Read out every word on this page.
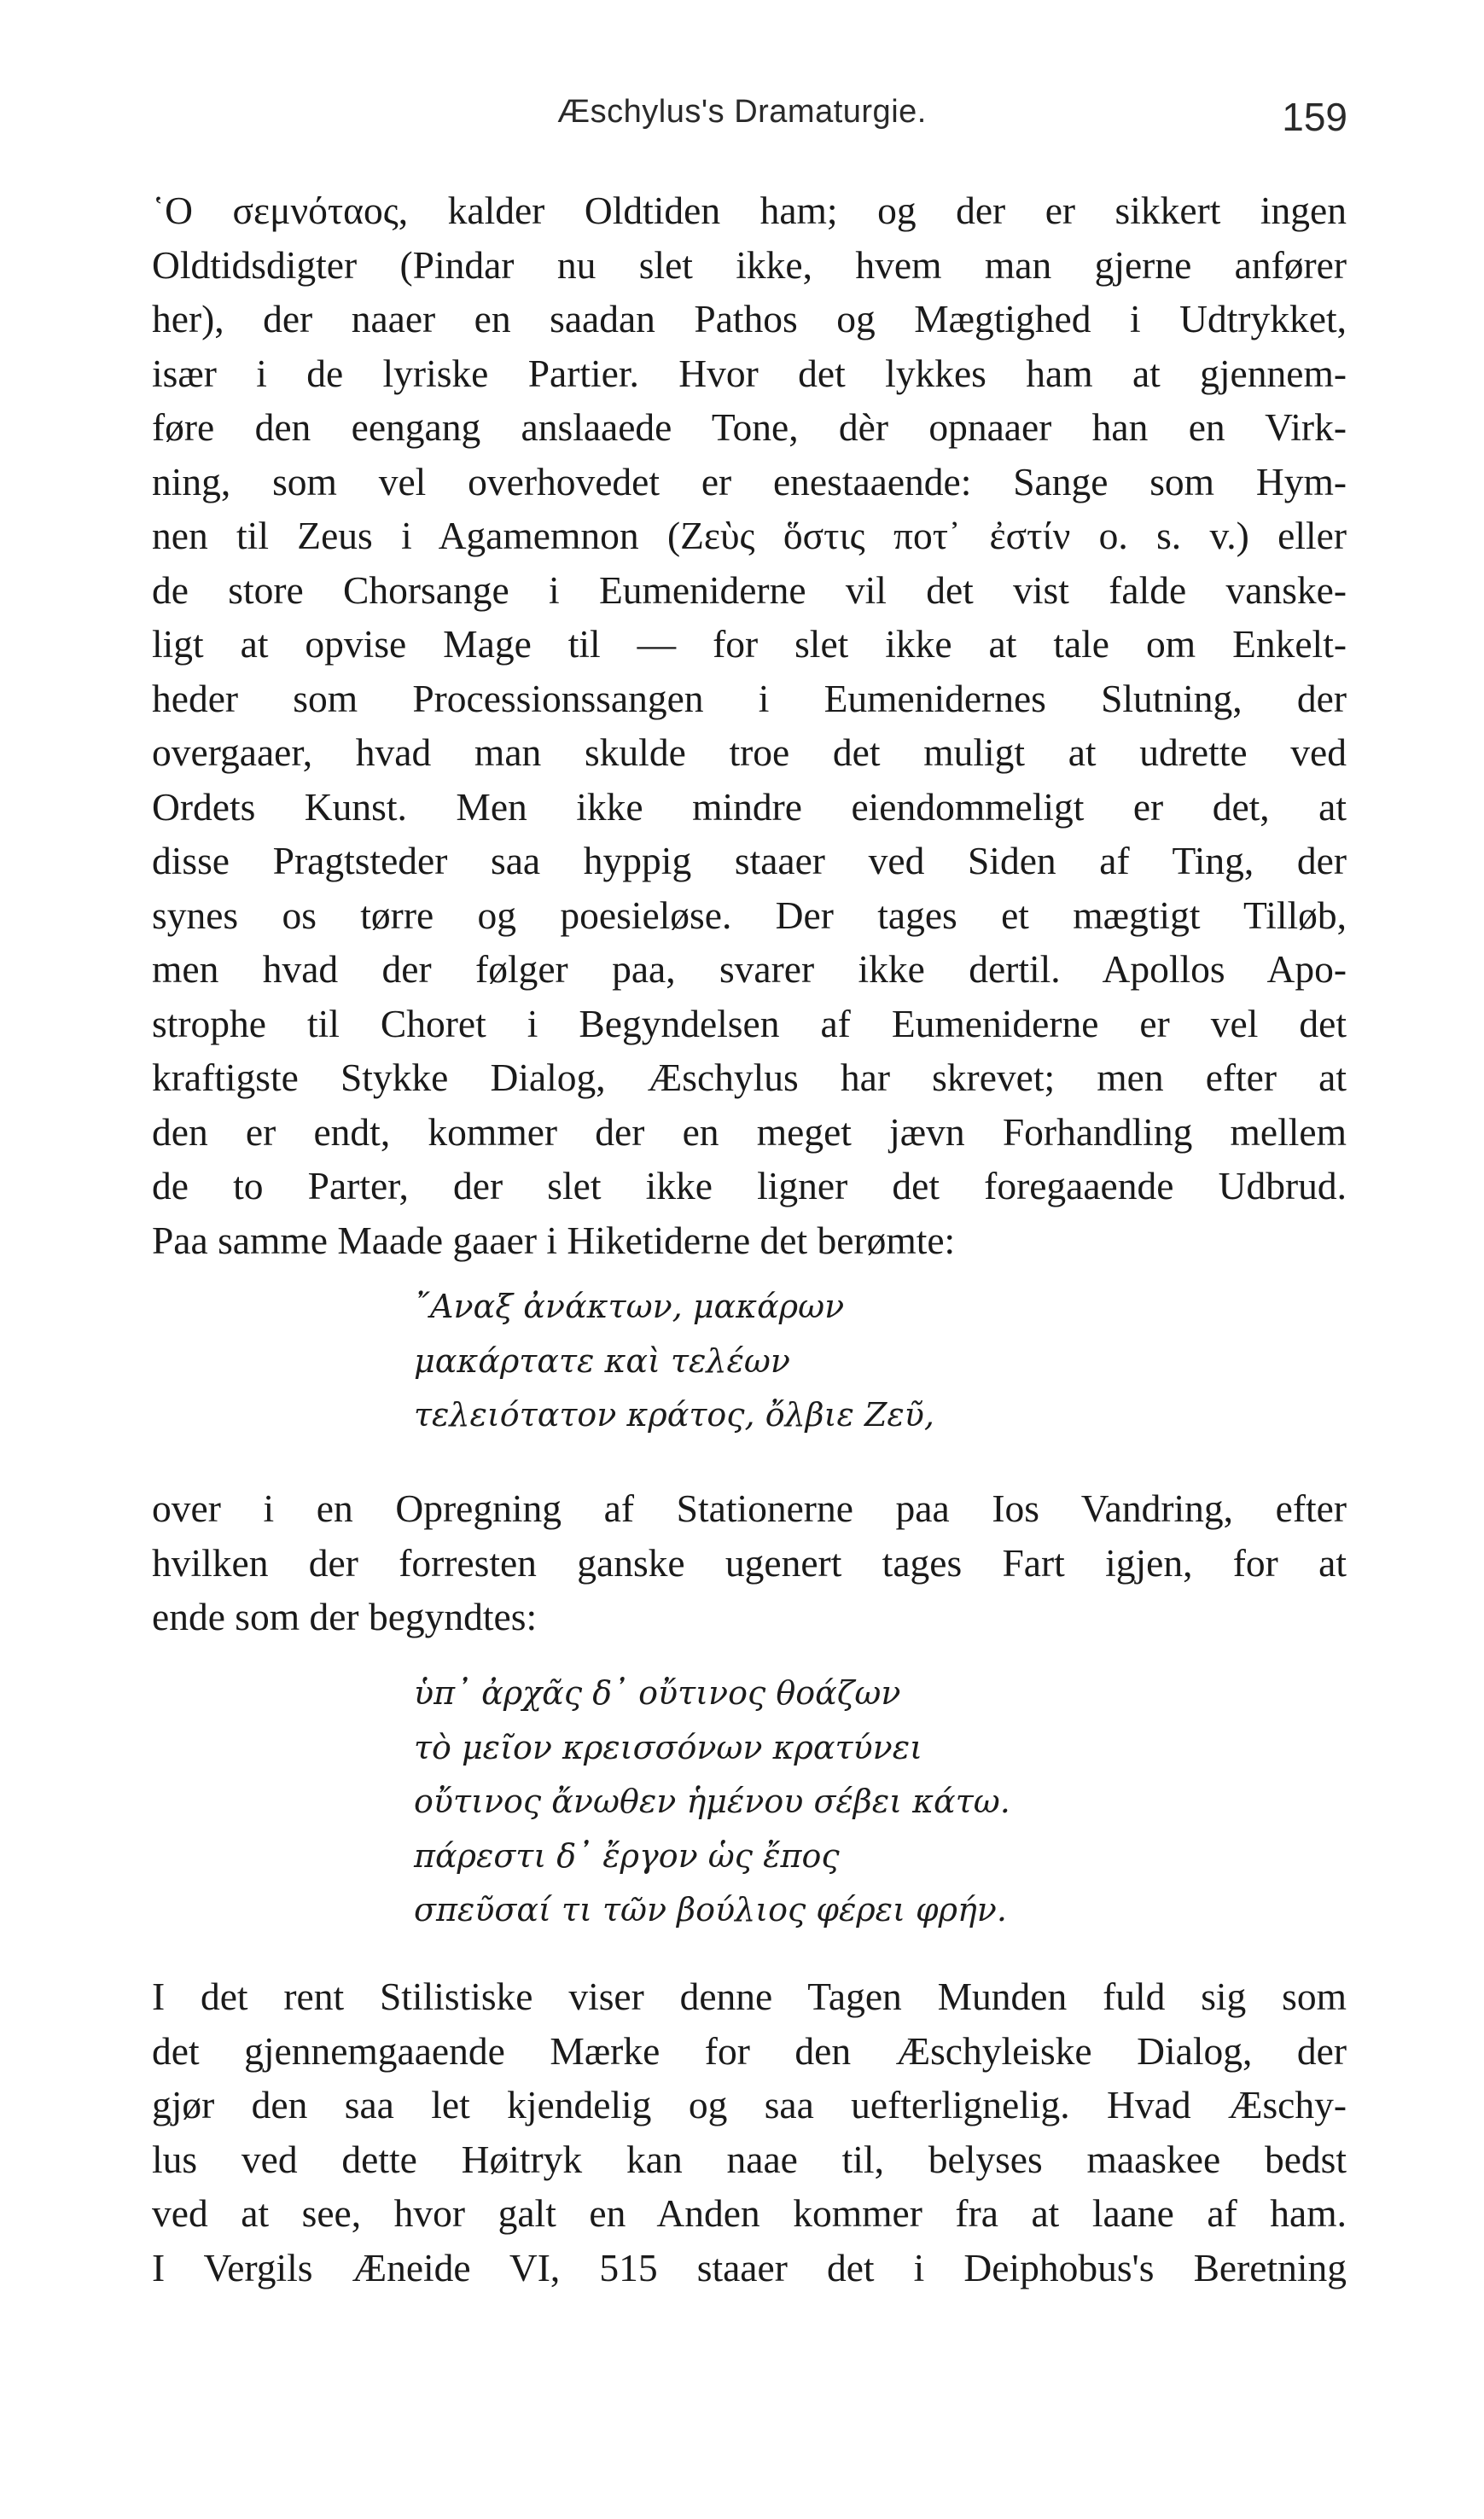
Æschylus's Dramaturgie.	159
῾Ο σεμνόταος, kalder Oldtiden ham; og der er sikkert ingen
Oldtidsdigter (Pindar nu slet ikke, hvem man gjerne anfører
her), der naaer en saadan Pathos og Mægtighed i Udtrykket,
især i de lyriske Partier. Hvor det lykkes ham at gjennem-
føre den eengang anslaaede Tone, dèr opnaaer han en Virk-
ning, som vel overhovedet er enestaaende: Sange som Hym-
nen til Zeus i Agamemnon (Ζεὺς ὅστις ποτ᾽ ἐστίν o. s. v.) eller
de store Chorsange i Eumeniderne vil det vist falde vanske-
ligt at opvise Mage til — for slet ikke at tale om Enkelt-
heder som Processionssangen i Eumenidernes Slutning, der
overgaaer, hvad man skulde troe det muligt at udrette ved
Ordets Kunst. Men ikke mindre eiendommeligt er det, at
disse Pragtsteder saa hyppig staaer ved Siden af Ting, der
synes os tørre og poesieløse. Der tages et mægtigt Tilløb,
men hvad der følger paa, svarer ikke dertil. Apollos Apo-
strophe til Choret i Begyndelsen af Eumeniderne er vel det
kraftigste Stykke Dialog, Æschylus har skrevet; men efter at
den er endt, kommer der en meget jævn Forhandling mellem
de to Parter, der slet ikke ligner det foregaaende Udbrud.
Paa samme Maade gaaer i Hiketiderne det berømte:
῎Αναξ ἀνάκτων, μακάρων
μακάρτατε καὶ τελέων
τελειότατον κράτος, ὄλβιε Ζεῦ,
over i en Opregning af Stationerne paa Ios Vandring, efter
hvilken der forresten ganske ugenert tages Fart igjen, for at
ende som der begyndtes:
ὑπ᾽ ἀρχᾶς δ᾽ οὔτινος θοάζων
τὸ μεῖον κρεισσόνων κρατύνει
οὔτινος ἄνωθεν ἡμένου σέβει κάτω.
πάρεστι δ᾽ ἔργον ὡς ἔπος
σπεῦσαί τι τῶν βούλιος φέρει φρήν.
I det rent Stilistiske viser denne Tagen Munden fuld sig som
det gjennemgaaende Mærke for den Æschyleiske Dialog, der
gjør den saa let kjendelig og saa uefterlignelig. Hvad Æschy-
lus ved dette Høitryk kan naae til, belyses maaskee bedst
ved at see, hvor galt en Anden kommer fra at laane af ham.
I Vergils Æneide VI, 515 staaer det i Deiphobus's Beretning
